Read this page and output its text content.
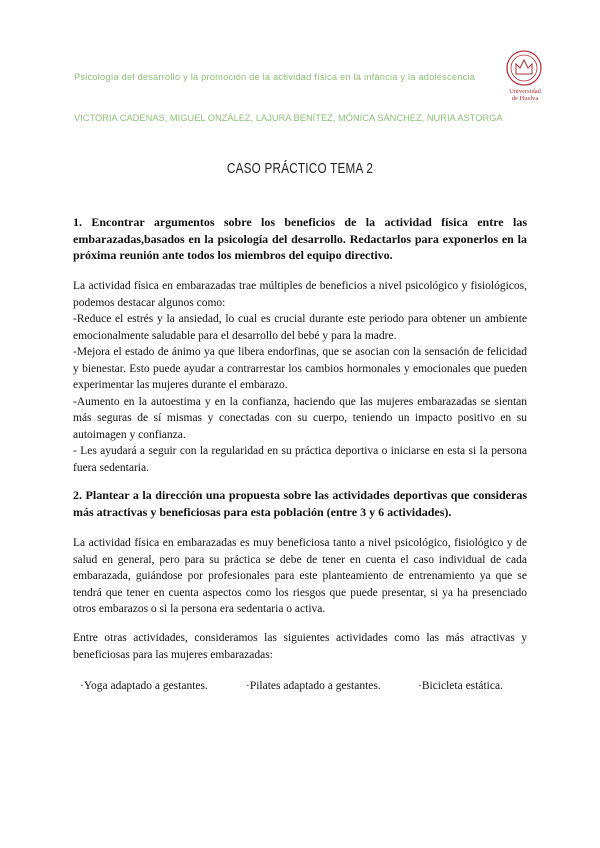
Psicología del desarrollo y la promoción de la actividad física en la infancia y la adolescencia
Universidad
de Huelva
VICTORIA CADENAS, MIGUEL ONZÁLEZ, LAJURA BENÍTEZ, MÓNICA SÁNCHEZ, NURIA ASTORGA
CASO PRÁCTICO TEMA 2
1. Encontrar argumentos sobre los beneficios de la actividad física entre las embarazadas,basados en la psicología del desarrollo. Redactarlos para exponerlos en la próxima reunión ante todos los miembros del equipo directivo.
La actividad física en embarazadas trae múltiples de beneficios a nivel psicológico y fisiológicos, podemos destacar algunos como:
-Reduce el estrés y la ansiedad, lo cual es crucial durante este periodo para obtener un ambiente emocionalmente saludable para el desarrollo del bebé y para la madre.
-Mejora el estado de ánimo ya que libera endorfinas, que se asocian con la sensación de felicidad y bienestar. Esto puede ayudar a contrarrestar los cambios hormonales y emocionales que pueden experimentar las mujeres durante el embarazo.
-Aumento en la autoestima y en la confianza, haciendo que las mujeres embarazadas se sientan más seguras de sí mismas y conectadas con su cuerpo, teniendo un impacto positivo en su autoimagen y confianza.
- Les ayudará a seguir con la regularidad en su práctica deportiva o iniciarse en esta si la persona fuera sedentaria.
2. Plantear a la dirección una propuesta sobre las actividades deportivas que consideras más atractivas y beneficiosas para esta población (entre 3 y 6 actividades).
La actividad física en embarazadas es muy beneficiosa tanto a nivel psicológico, fisiológico y de salud en general, pero para su práctica se debe de tener en cuenta el caso individual de cada embarazada, guiándose por profesionales para este planteamiento de entrenamiento ya que se tendrá que tener en cuenta aspectos como los riesgos que puede presentar, si ya ha presenciado otros embarazos o si la persona era sedentaria o activa.
Entre otras actividades, consideramos las siguientes actividades como las más atractivas y beneficiosas para las mujeres embarazadas:
·Yoga adaptado a gestantes.	·Pilates adaptado a gestantes.	·Bicicleta estática.
